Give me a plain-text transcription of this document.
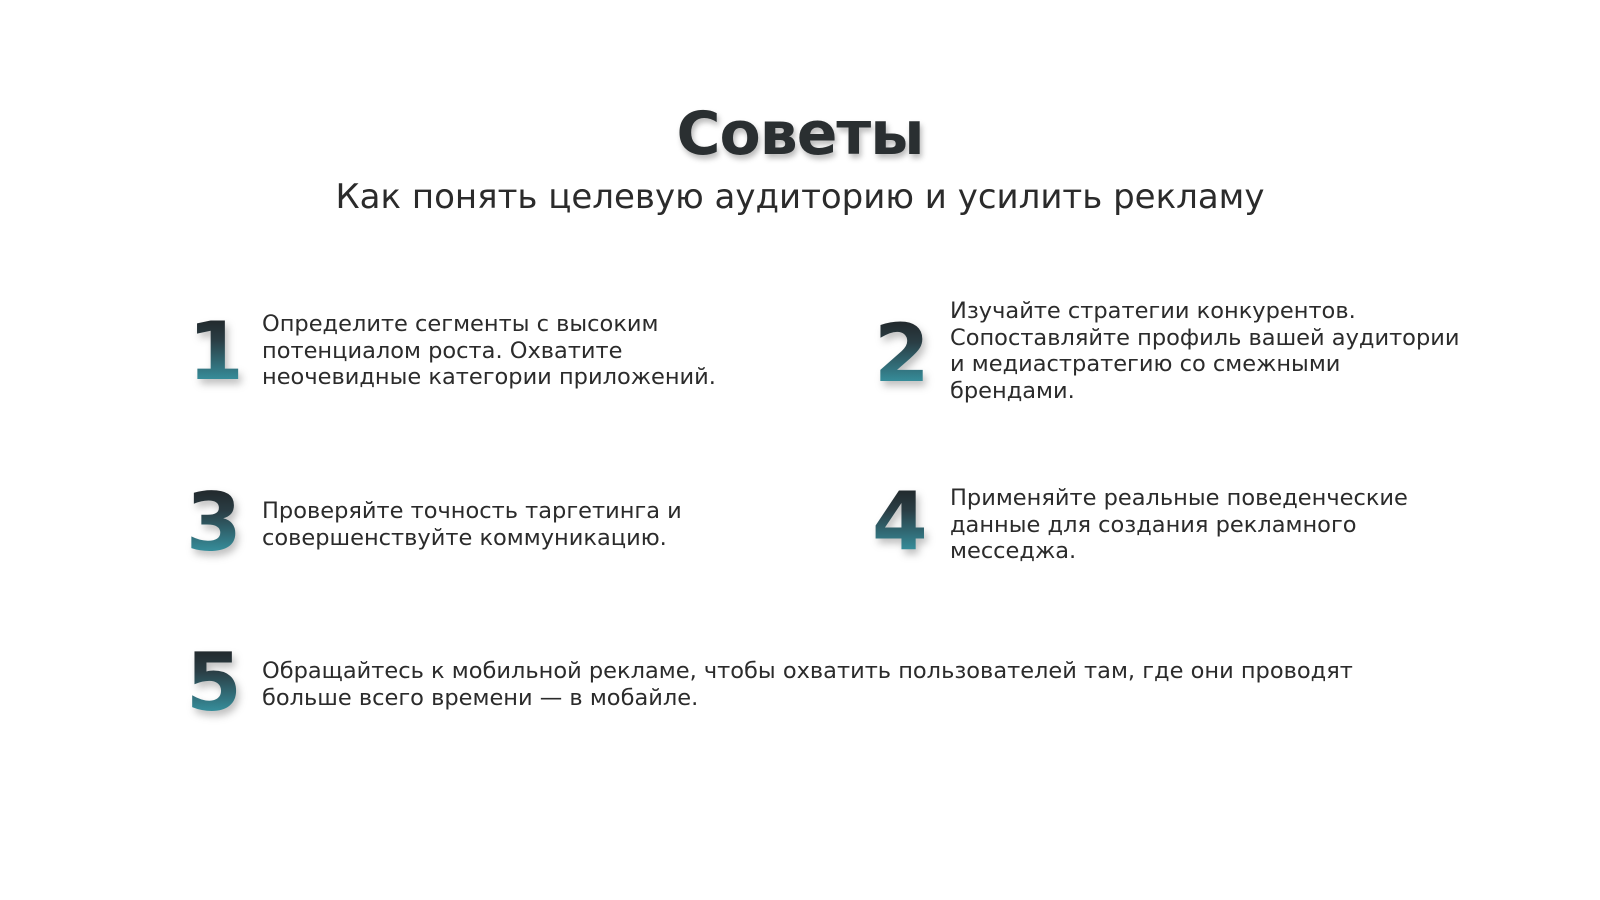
Советы

Как понять целевую аудиторию и усилить рекламу

1 Определите сегменты с высоким
потенциалом роста. Охватите
неочевидные категории приложений. 2 Изучайте стратегии конкурентов.
Сопоставляйте профиль вашей аудитории
и медиастратегию со смежными
брендами.
3 Проверяйте точность таргетинга и
совершенствуйте коммуникацию.	4 Применяйте реальные поведенческие
данные для создания рекламного
месседжа.
5 Обращайтесь к мобильной рекламе, чтобы охватить пользователей там, где они проводят
больше всего времени — в мобайле.
